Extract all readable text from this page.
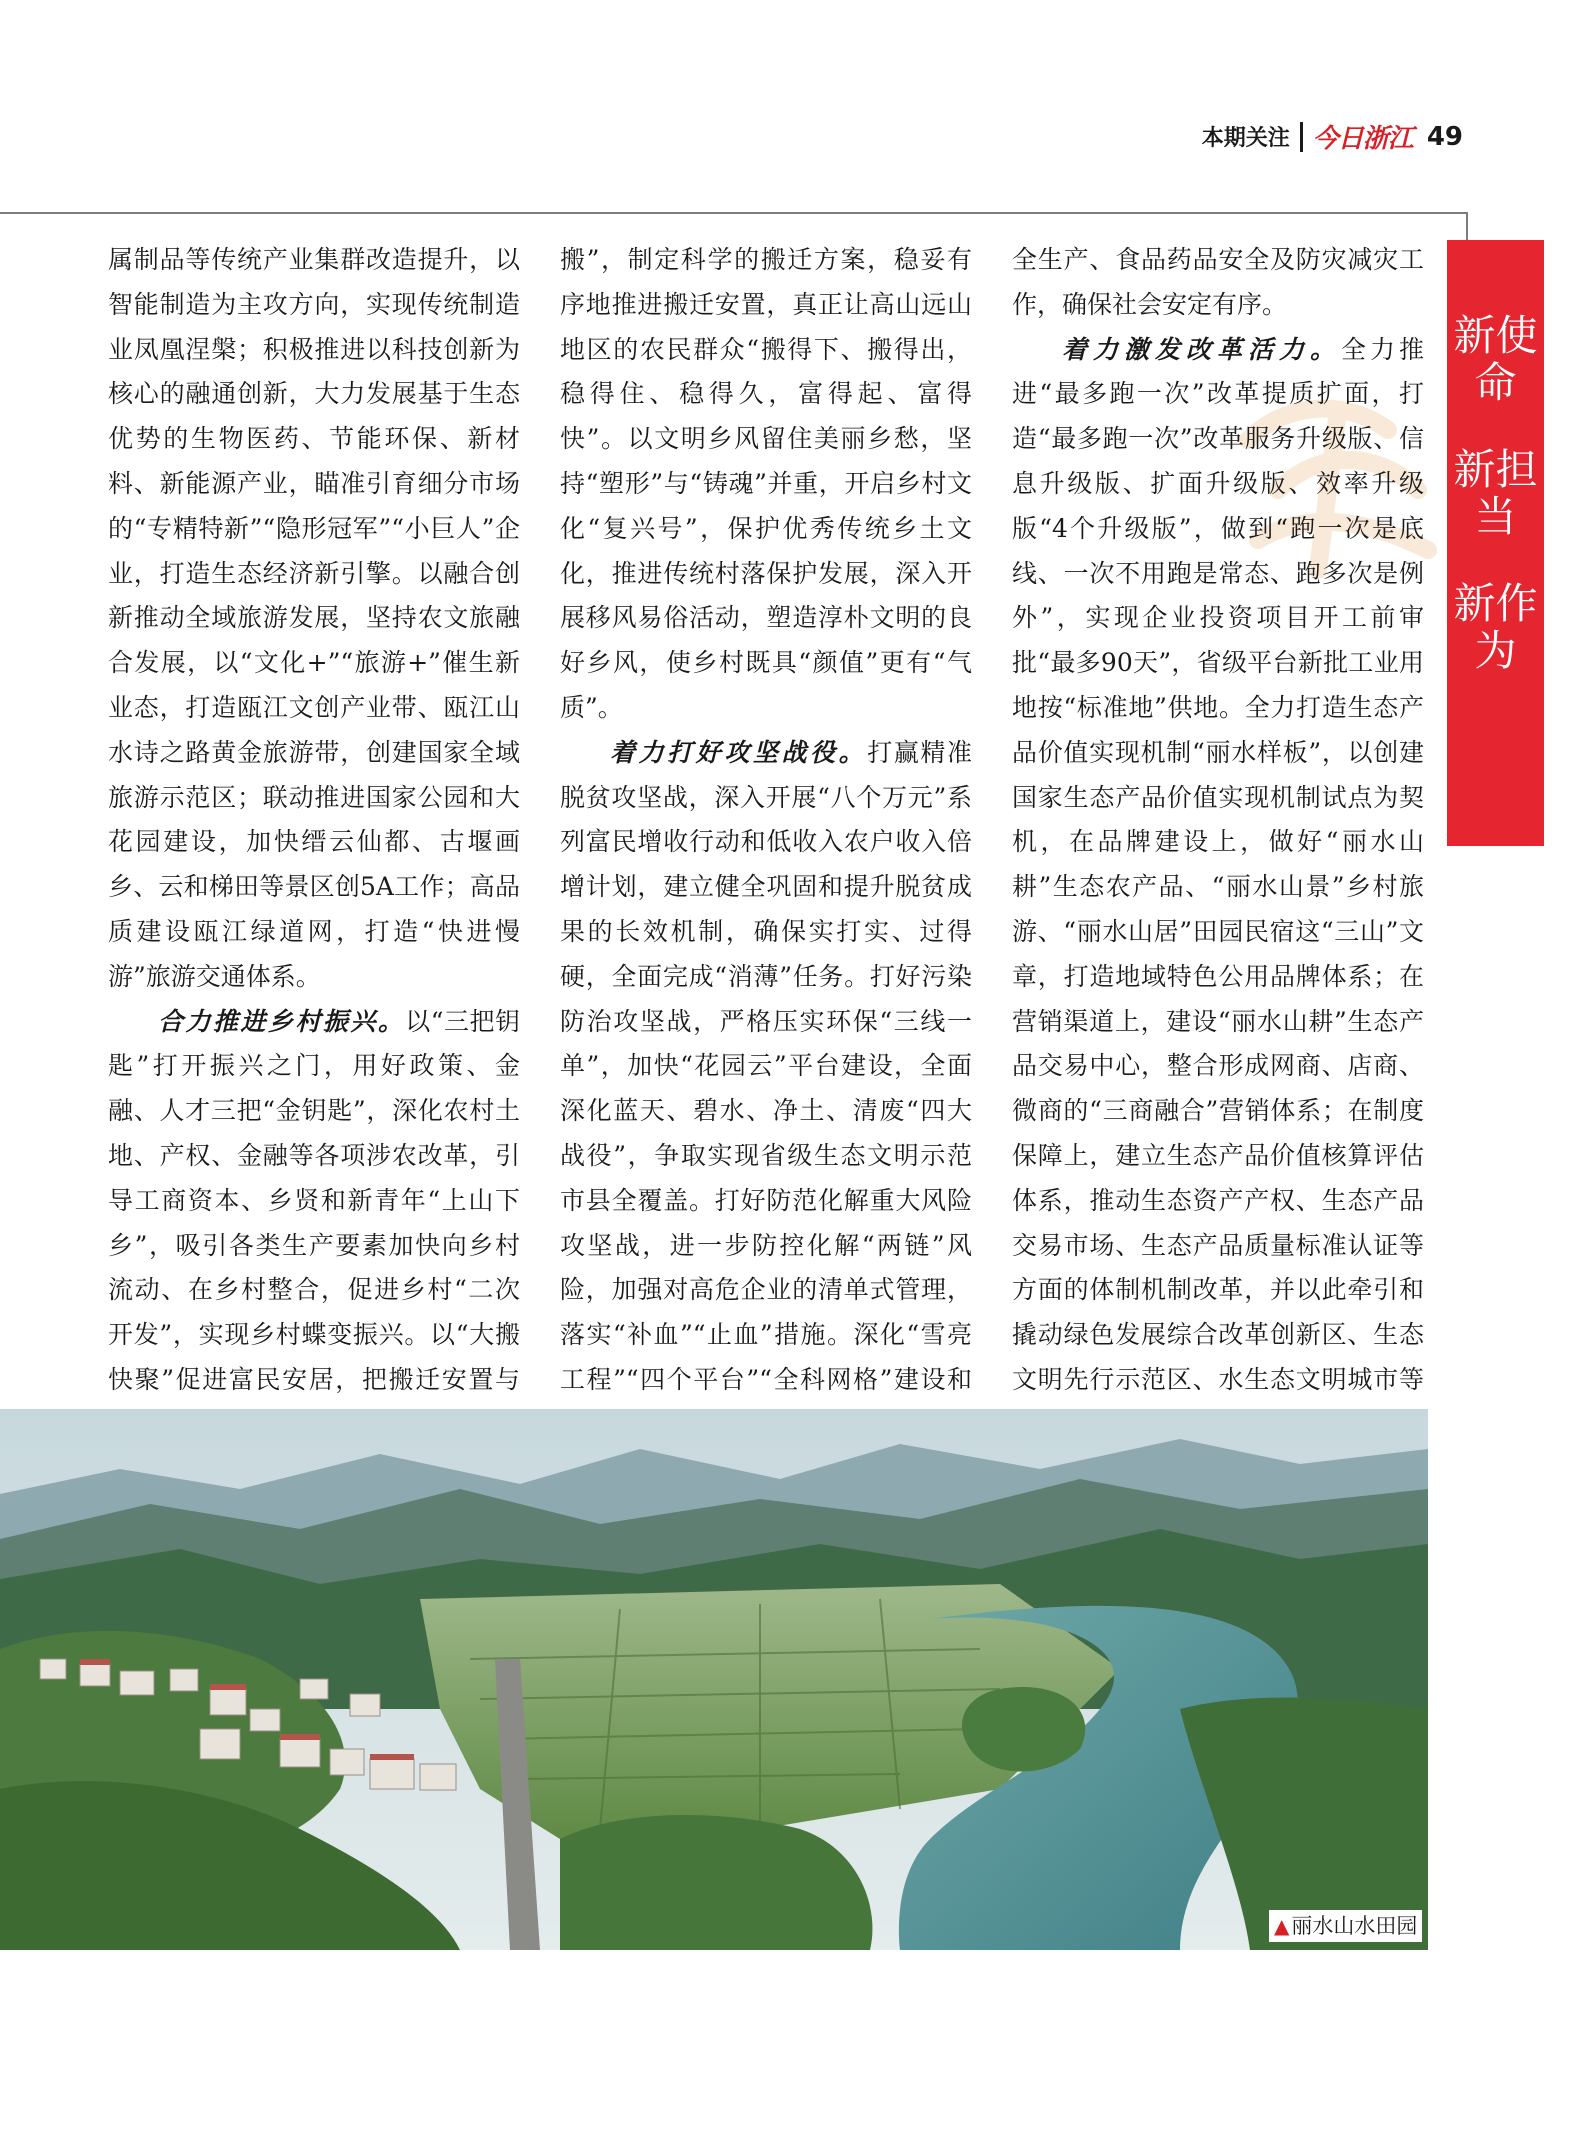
本期关注 今日浙江 49

属制品等传统产业集群改造提升，以智能制造为主攻方向，实现传统制造业凤凰涅槃；积极推进以科技创新为核心的融通创新，大力发展基于生态优势的生物医药、节能环保、新材料、新能源产业，瞄准引育细分市场的“专精特新”“隐形冠军”“小巨人”企业，打造生态经济新引擎。以融合创新推动全域旅游发展，坚持农文旅融合发展，以“文化+”“旅游+”催生新业态，打造瓯江文创产业带、瓯江山水诗之路黄金旅游带，创建国家全域旅游示范区；联动推进国家公园和大花园建设，加快缙云仙都、古堰画乡、云和梯田等景区创5A工作；高品质建设瓯江绿道网，打造“快进慢游”旅游交通体系。

合力推进乡村振兴。以“三把钥匙”打开振兴之门，用好政策、金融、人才三把“金钥匙”，深化农村土地、产权、金融等各项涉农改革，引导工商资本、乡贤和新青年“上山下乡”，吸引各类生产要素加快向乡村流动、在乡村整合，促进乡村“二次开发”，实现乡村蝶变振兴。以“大搬快聚”促进富民安居，把搬迁安置与

搬”，制定科学的搬迁方案，稳妥有序地推进搬迁安置，真正让高山远山地区的农民群众“搬得下、搬得出，稳得住、稳得久，富得起、富得快”。以文明乡风留住美丽乡愁，坚持“塑形”与“铸魂”并重，开启乡村文化“复兴号”，保护优秀传统乡土文化，推进传统村落保护发展，深入开展移风易俗活动，塑造淳朴文明的良好乡风，使乡村既具“颜值”更有“气质”。

着力打好攻坚战役。打赢精准脱贫攻坚战，深入开展“八个万元”系列富民增收行动和低收入农户收入倍增计划，建立健全巩固和提升脱贫成果的长效机制，确保实打实、过得硬，全面完成“消薄”任务。打好污染防治攻坚战，严格压实环保“三线一单”，加快“花园云”平台建设，全面深化蓝天、碧水、净土、清废“四大战役”，争取实现省级生态文明示范市县全覆盖。打好防范化解重大风险攻坚战，进一步防控化解“两链”风险，加强对高危企业的清单式管理，落实“补血”“止血”措施。深化“雪亮工程”“四个平台”“全科网格”建设和

全生产、食品药品安全及防灾减灾工作，确保社会安定有序。

着力激发改革活力。全力推进“最多跑一次”改革提质扩面，打造“最多跑一次”改革服务升级版、信息升级版、扩面升级版、效率升级版“4个升级版”，做到“跑一次是底线、一次不用跑是常态、跑多次是例外”，实现企业投资项目开工前审批“最多90天”，省级平台新批工业用地按“标准地”供地。全力打造生态产品价值实现机制“丽水样板”，以创建国家生态产品价值实现机制试点为契机，在品牌建设上，做好“丽水山耕”生态农产品、“丽水山景”乡村旅游、“丽水山居”田园民宿这“三山”文章，打造地域特色公用品牌体系；在营销渠道上，建设“丽水山耕”生态产品交易中心，整合形成网商、店商、微商的“三商融合”营销体系；在制度保障上，建立生态产品价值核算评估体系，推动生态资产产权、生态产品交易市场、生态产品质量标准认证等方面的体制机制改革，并以此牵引和撬动绿色发展综合改革创新区、生态文明先行示范区、水生态文明城市等

新使命
新担当
新作为
▲丽水山水田园
